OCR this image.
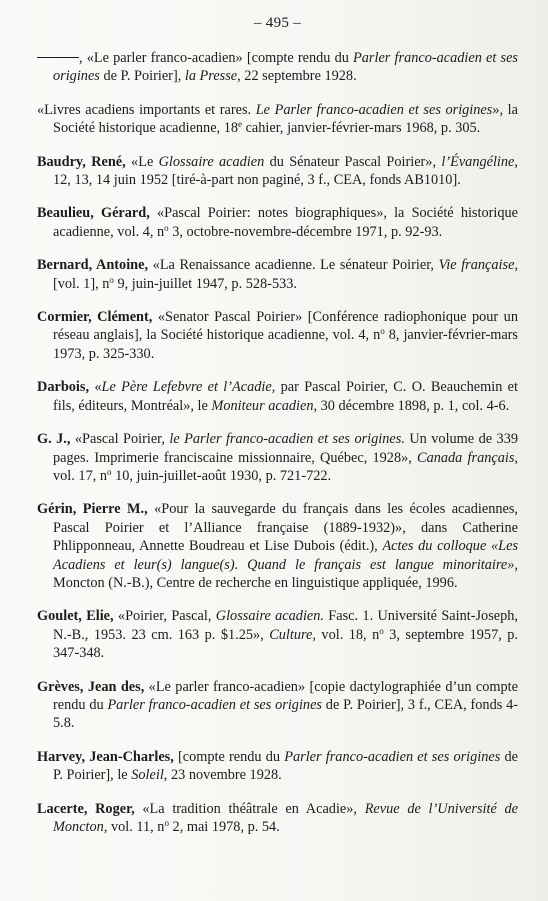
– 495 –

, «Le parler franco-acadien» [compte rendu du Parler franco-acadien et ses origines de P. Poirier], la Presse, 22 septembre 1928.

«Livres acadiens importants et rares. Le Parler franco-acadien et ses origines», la Société historique acadienne, 18e cahier, janvier-février-mars 1968, p. 305.

Baudry, René, «Le Glossaire acadien du Sénateur Pascal Poirier», l’Évangéline, 12, 13, 14 juin 1952 [tiré-à-part non paginé, 3 f., CEA, fonds AB1010].

Beaulieu, Gérard, «Pascal Poirier: notes biographiques», la Société historique acadienne, vol. 4, $n^o$ 3, octobre-novembre-décembre 1971, p. 92-93.

Bernard, Antoine, «La Renaissance acadienne. Le sénateur Poirier, Vie française, [vol. 1], $n^o$ 9, juin-juillet 1947, p. 528-533.

Cormier, Clément, «Senator Pascal Poirier» [Conférence radiophonique pour un réseau anglais], la Société historique acadienne, vol. 4, $n^o$ 8, janvier-février-mars 1973, p. 325-330.

Darbois, «Le Père Lefebvre et l’Acadie, par Pascal Poirier, C. O. Beauchemin et fils, éditeurs, Montréal», le Moniteur acadien, 30 décembre 1898, p. 1, col. 4-6.

G. J., «Pascal Poirier, le Parler franco-acadien et ses origines. Un volume de 339 pages. Imprimerie franciscaine missionnaire, Québec, 1928», Canada français, vol. 17, $n^o$ 10, juin-juillet-août 1930, p. 721-722.

Gérin, Pierre M., «Pour la sauvegarde du français dans les écoles acadiennes, Pascal Poirier et l’Alliance française (1889-1932)», dans Catherine Phlipponneau, Annette Boudreau et Lise Dubois (édit.), Actes du colloque «Les Acadiens et leur(s) langue(s). Quand le français est langue minoritaire», Moncton (N.-B.), Centre de recherche en linguistique appliquée, 1996.

Goulet, Elie, «Poirier, Pascal, Glossaire acadien. Fasc. 1. Université Saint-Joseph, N.-B., 1953. 23 cm. 163 p. $1.25», Culture, vol. 18, $n^o$ 3, septembre 1957, p. 347-348.

Grèves, Jean des, «Le parler franco-acadien» [copie dactylographiée d’un compte rendu du Parler franco-acadien et ses origines de P. Poirier], 3 f., CEA, fonds 4-5.8.

Harvey, Jean-Charles, [compte rendu du Parler franco-acadien et ses origines de P. Poirier], le Soleil, 23 novembre 1928.

Lacerte, Roger, «La tradition théâtrale en Acadie», Revue de l’Université de Moncton, vol. 11, $n^o$ 2, mai 1978, p. 54.
